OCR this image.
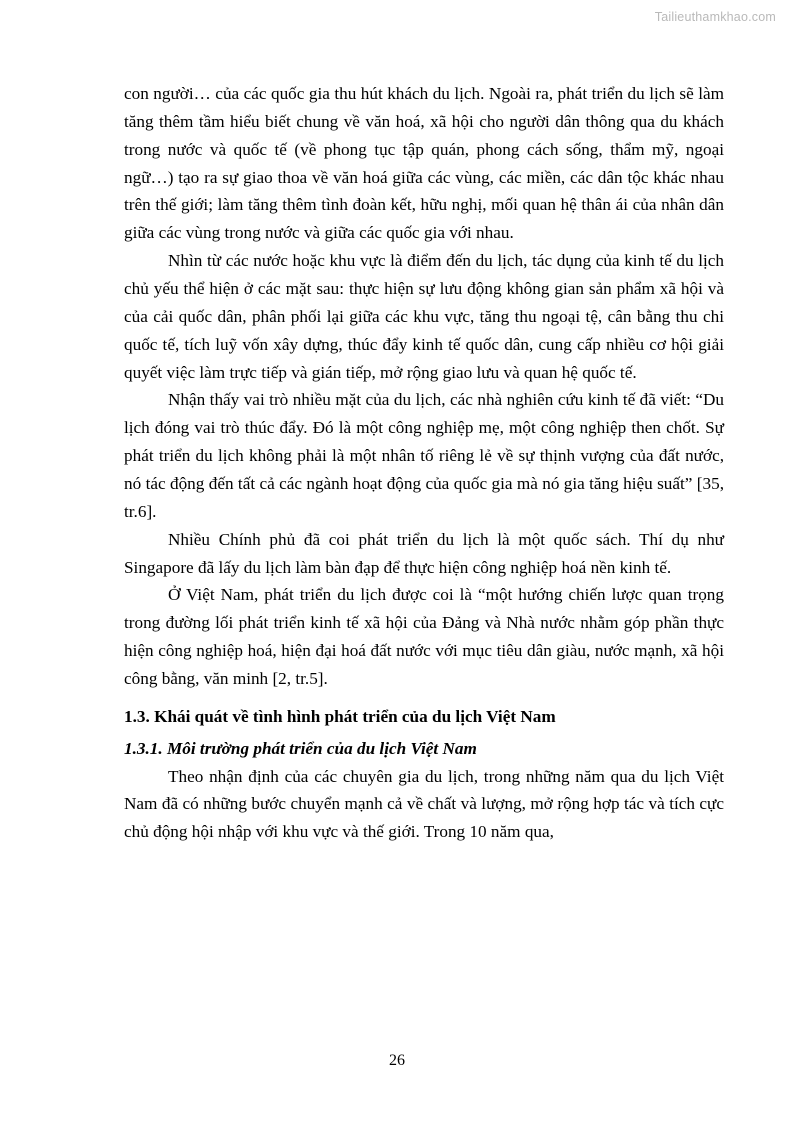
Tailieuthamkhao.com

con người… của các quốc gia thu hút khách du lịch. Ngoài ra, phát triển du lịch sẽ làm tăng thêm tầm hiểu biết chung về văn hoá, xã hội cho người dân thông qua du khách trong nước và quốc tế (về phong tục tập quán, phong cách sống, thẩm mỹ, ngoại ngữ…) tạo ra sự giao thoa về văn hoá giữa các vùng, các miền, các dân tộc khác nhau trên thế giới; làm tăng thêm tình đoàn kết, hữu nghị, mối quan hệ thân ái của nhân dân giữa các vùng trong nước và giữa các quốc gia với nhau.

Nhìn từ các nước hoặc khu vực là điểm đến du lịch, tác dụng của kinh tế du lịch chủ yếu thể hiện ở các mặt sau: thực hiện sự lưu động không gian sản phẩm xã hội và của cải quốc dân, phân phối lại giữa các khu vực, tăng thu ngoại tệ, cân bằng thu chi quốc tế, tích luỹ vốn xây dựng, thúc đẩy kinh tế quốc dân, cung cấp nhiều cơ hội giải quyết việc làm trực tiếp và gián tiếp, mở rộng giao lưu và quan hệ quốc tế.

Nhận thấy vai trò nhiều mặt của du lịch, các nhà nghiên cứu kinh tế đã viết: “Du lịch đóng vai trò thúc đẩy. Đó là một công nghiệp mẹ, một công nghiệp then chốt. Sự phát triển du lịch không phải là một nhân tố riêng lẻ về sự thịnh vượng của đất nước, nó tác động đến tất cả các ngành hoạt động của quốc gia mà nó gia tăng hiệu suất” [35, tr.6].

Nhiều Chính phủ đã coi phát triển du lịch là một quốc sách. Thí dụ như Singapore đã lấy du lịch làm bàn đạp để thực hiện công nghiệp hoá nền kinh tế.

Ở Việt Nam, phát triển du lịch được coi là “một hướng chiến lược quan trọng trong đường lối phát triển kinh tế xã hội của Đảng và Nhà nước nhằm góp phần thực hiện công nghiệp hoá, hiện đại hoá đất nước với mục tiêu dân giàu, nước mạnh, xã hội công bằng, văn minh [2, tr.5].

1.3. Khái quát về tình hình phát triển của du lịch Việt Nam
1.3.1. Môi trường phát triển của du lịch Việt Nam

Theo nhận định của các chuyên gia du lịch, trong những năm qua du lịch Việt Nam đã có những bước chuyển mạnh cả về chất và lượng, mở rộng hợp tác và tích cực chủ động hội nhập với khu vực và thế giới. Trong 10 năm qua,

26
